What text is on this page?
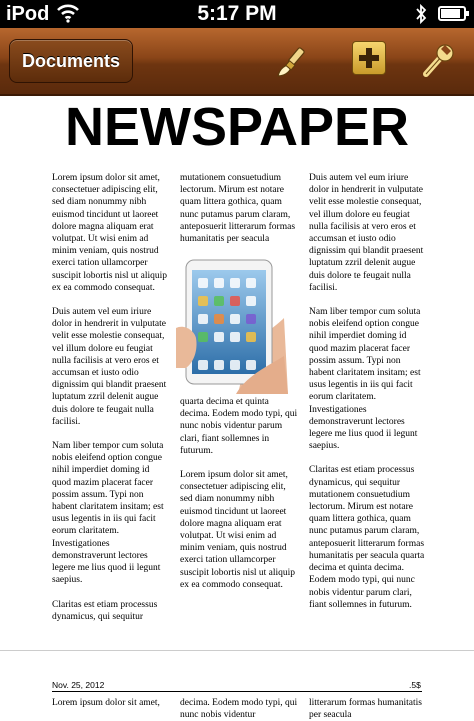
iPod	5:17 PM
Documents
NEWSPAPER

Lorem ipsum dolor sit amet, consectetuer adipiscing elit, sed diam nonummy nibh euismod tincidunt ut laoreet dolore magna aliquam erat volutpat. Ut wisi enim ad minim veniam, quis nostrud exerci tation ullamcorper suscipit lobortis nisl ut aliquip ex ea commodo consequat.

Duis autem vel eum iriure dolor in hendrerit in vulputate velit esse molestie consequat, vel illum dolore eu feugiat nulla facilisis at vero eros et accumsan et iusto odio dignissim qui blandit praesent luptatum zzril delenit augue duis dolore te feugait nulla facilisi.

Nam liber tempor cum soluta nobis eleifend option congue nihil imperdiet doming id quod mazim placerat facer possim assum. Typi non habent claritatem insitam; est usus legentis in iis qui facit eorum claritatem. Investigationes demonstraverunt lectores legere me lius quod ii legunt saepius.

Claritas est etiam processus dynamicus, qui sequitur

mutationem consuetudium lectorum. Mirum est notare quam littera gothica, quam nunc putamus parum claram, anteposuerit litterarum formas humanitatis per seacula

quarta decima et quinta decima. Eodem modo typi, qui nunc nobis videntur parum clari, fiant sollemnes in futurum.

Lorem ipsum dolor sit amet, consectetuer adipiscing elit, sed diam nonummy nibh euismod tincidunt ut laoreet dolore magna aliquam erat volutpat. Ut wisi enim ad minim veniam, quis nostrud exerci tation ullamcorper suscipit lobortis nisl ut aliquip ex ea commodo consequat.

Duis autem vel eum iriure dolor in hendrerit in vulputate velit esse molestie consequat, vel illum dolore eu feugiat nulla facilisis at vero eros et accumsan et iusto odio dignissim qui blandit praesent luptatum zzril delenit augue duis dolore te feugait nulla facilisi.

Nam liber tempor cum soluta nobis eleifend option congue nihil imperdiet doming id quod mazim placerat facer possim assum. Typi non habent claritatem insitam; est usus legentis in iis qui facit eorum claritatem. Investigationes demonstraverunt lectores legere me lius quod ii legunt saepius.

Claritas est etiam processus dynamicus, qui sequitur mutationem consuetudium lectorum. Mirum est notare quam littera gothica, quam nunc putamus parum claram, anteposuerit litterarum formas humanitatis per seacula quarta decima et quinta decima. Eodem modo typi, qui nunc nobis videntur parum clari, fiant sollemnes in futurum.

Nov. 25, 2012	.5$
Lorem ipsum dolor sit amet,	decima. Eodem modo typi, qui nunc nobis videntur
litterarum formas humanitatis per seacula
